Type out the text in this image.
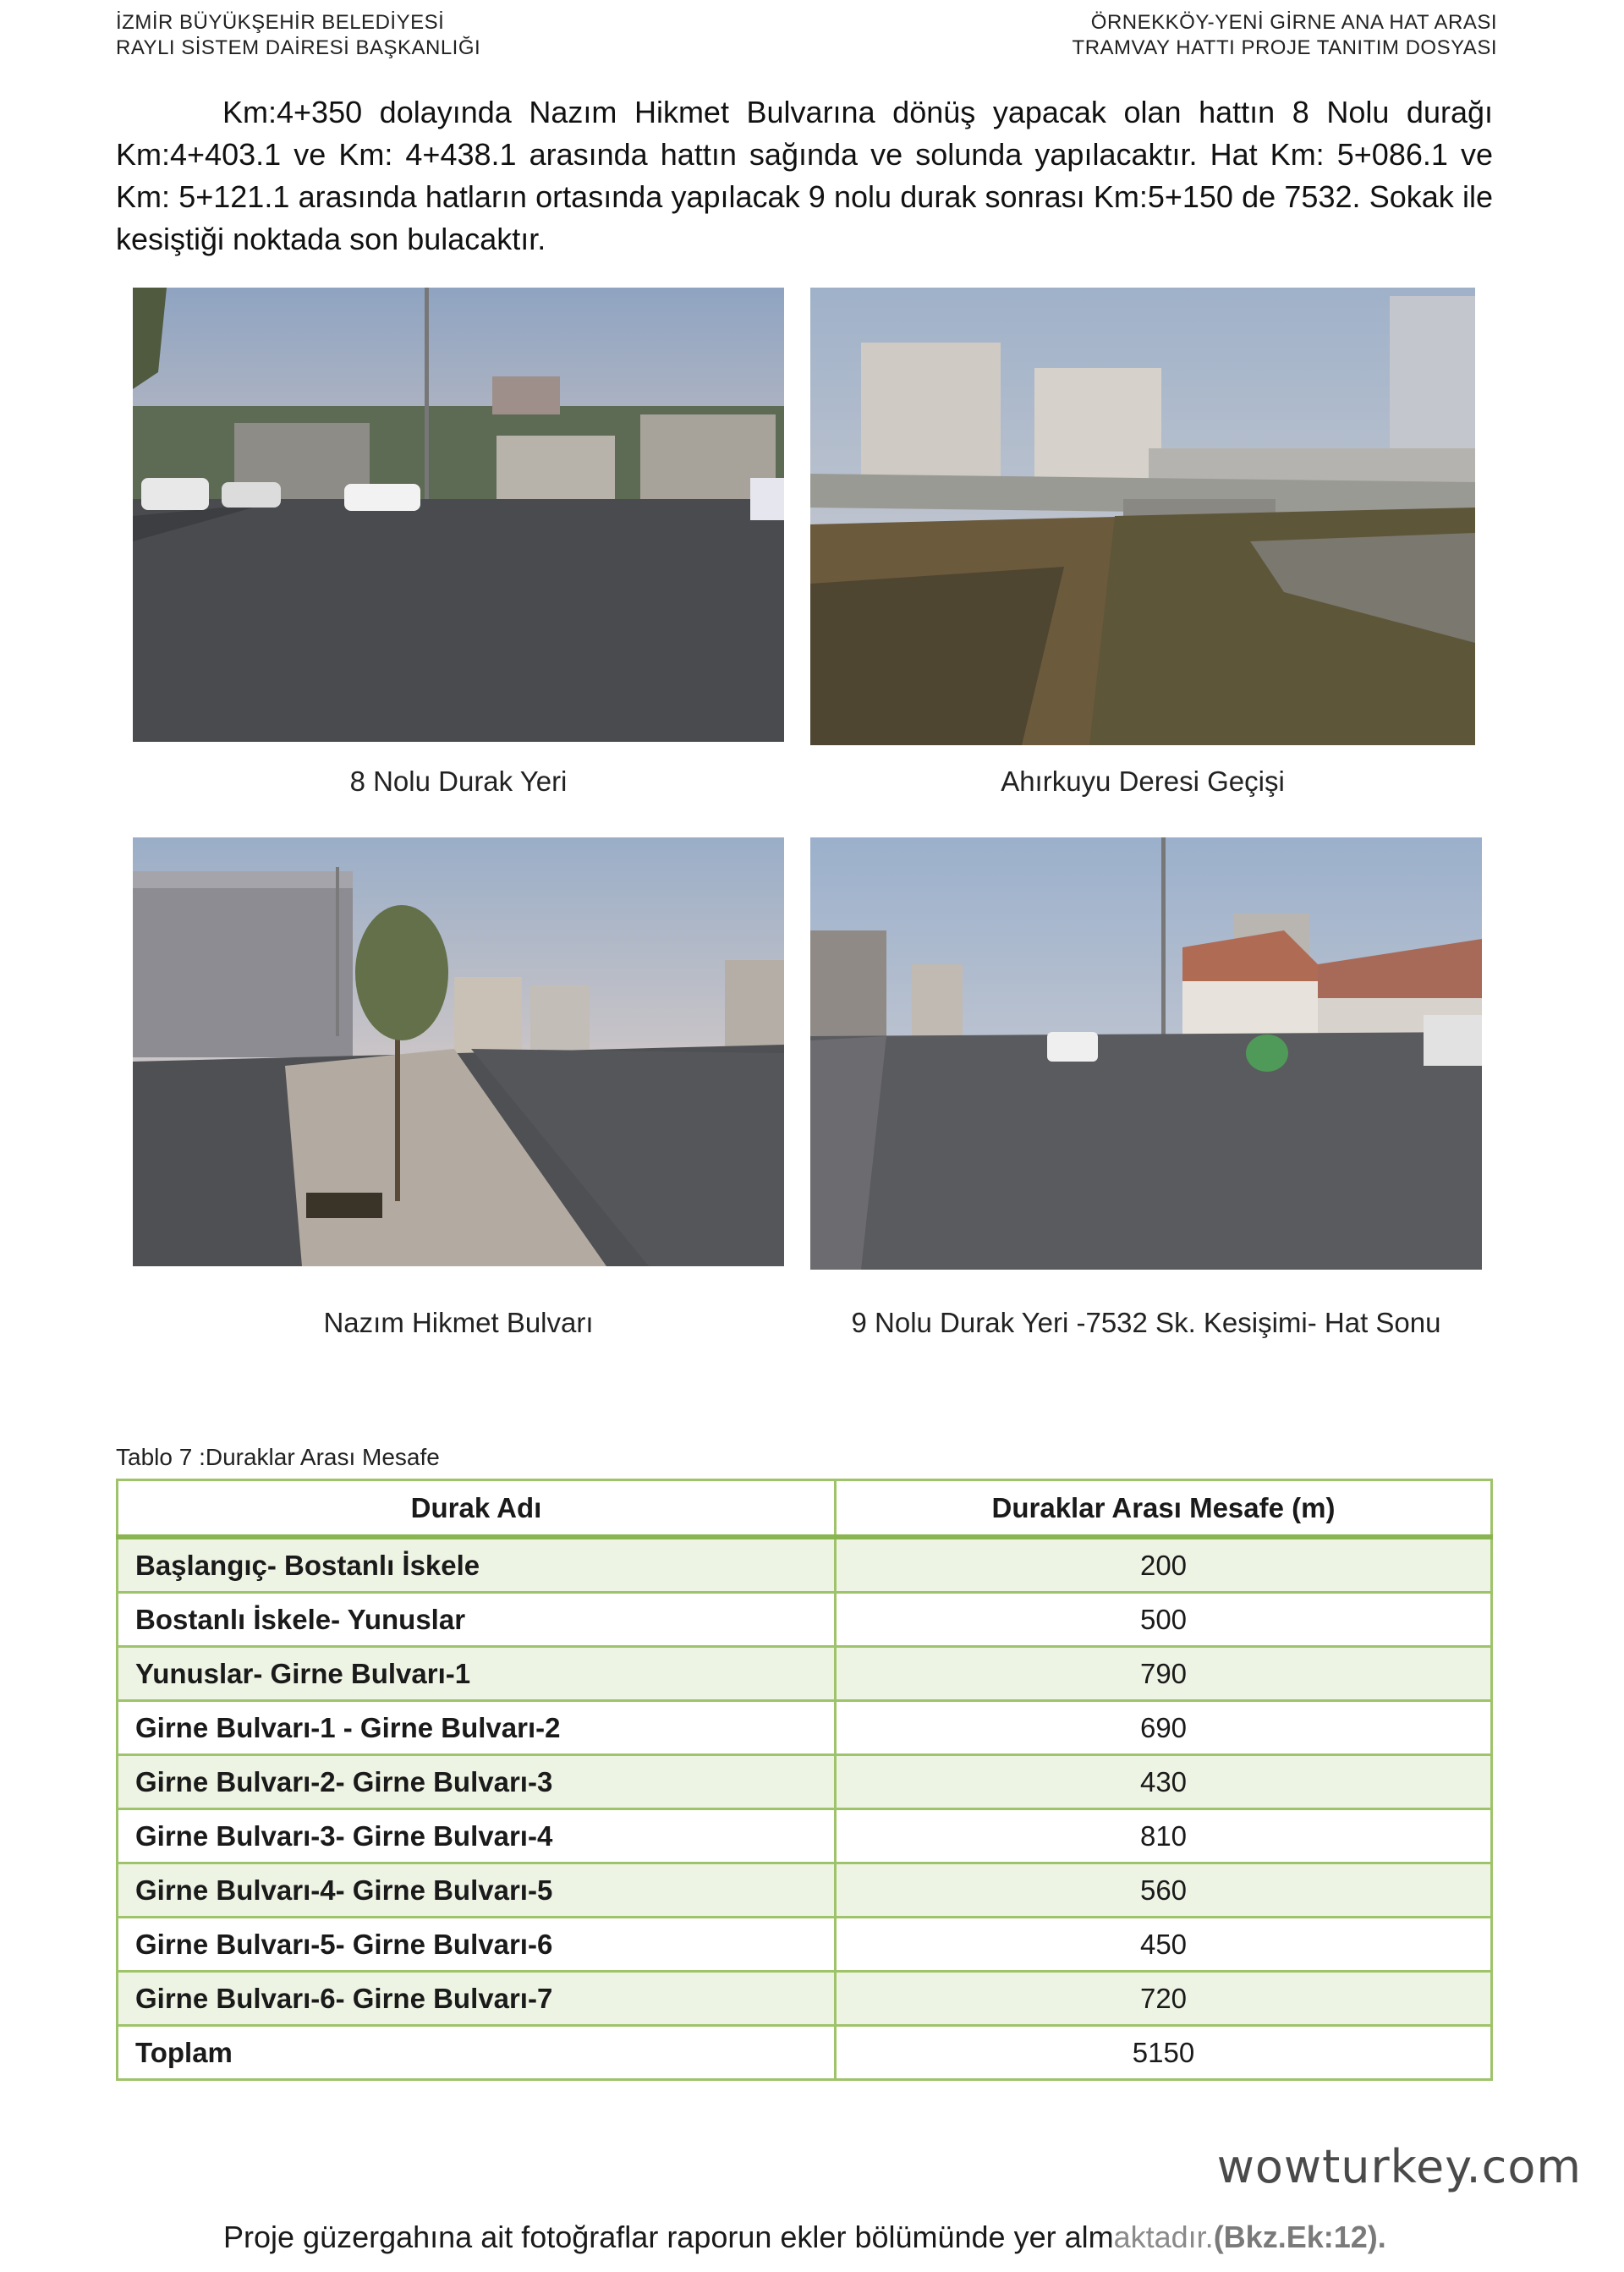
İZMİR BÜYÜKŞEHİR BELEDİYESİ
RAYLI SİSTEM DAİRESİ BAŞKANLIĞI
ÖRNEKKÖY-YENİ GİRNE ANA HAT ARASI
TRAMVAY HATTI PROJE TANITIM DOSYASI
Km:4+350 dolayında Nazım Hikmet Bulvarına dönüş yapacak olan hattın 8 Nolu durağı Km:4+403.1 ve Km: 4+438.1 arasında hattın sağında ve solunda yapılacaktır. Hat Km: 5+086.1 ve Km: 5+121.1 arasında hatların ortasında yapılacak 9 nolu durak sonrası Km:5+150 de 7532. Sokak ile kesiştiği noktada son bulacaktır.
8 Nolu Durak Yeri	Ahırkuyu Deresi Geçişi
Nazım Hikmet Bulvarı	9 Nolu Durak Yeri -7532 Sk. Kesişimi- Hat Sonu
Tablo 7 :Duraklar Arası Mesafe
Durak Adı	Duraklar Arası Mesafe (m)
Başlangıç- Bostanlı İskele	200
Bostanlı İskele- Yunuslar	500
Yunuslar- Girne Bulvarı-1	790
Girne Bulvarı-1 - Girne Bulvarı-2	690
Girne Bulvarı-2- Girne Bulvarı-3	430
Girne Bulvarı-3- Girne Bulvarı-4	810
Girne Bulvarı-4- Girne Bulvarı-5	560
Girne Bulvarı-5- Girne Bulvarı-6	450
Girne Bulvarı-6- Girne Bulvarı-7	720
Toplam	5150
wowturkey.com
Proje güzergahına ait fotoğraflar raporun ekler bölümünde yer almaktadır.(Bkz.Ek:12).
